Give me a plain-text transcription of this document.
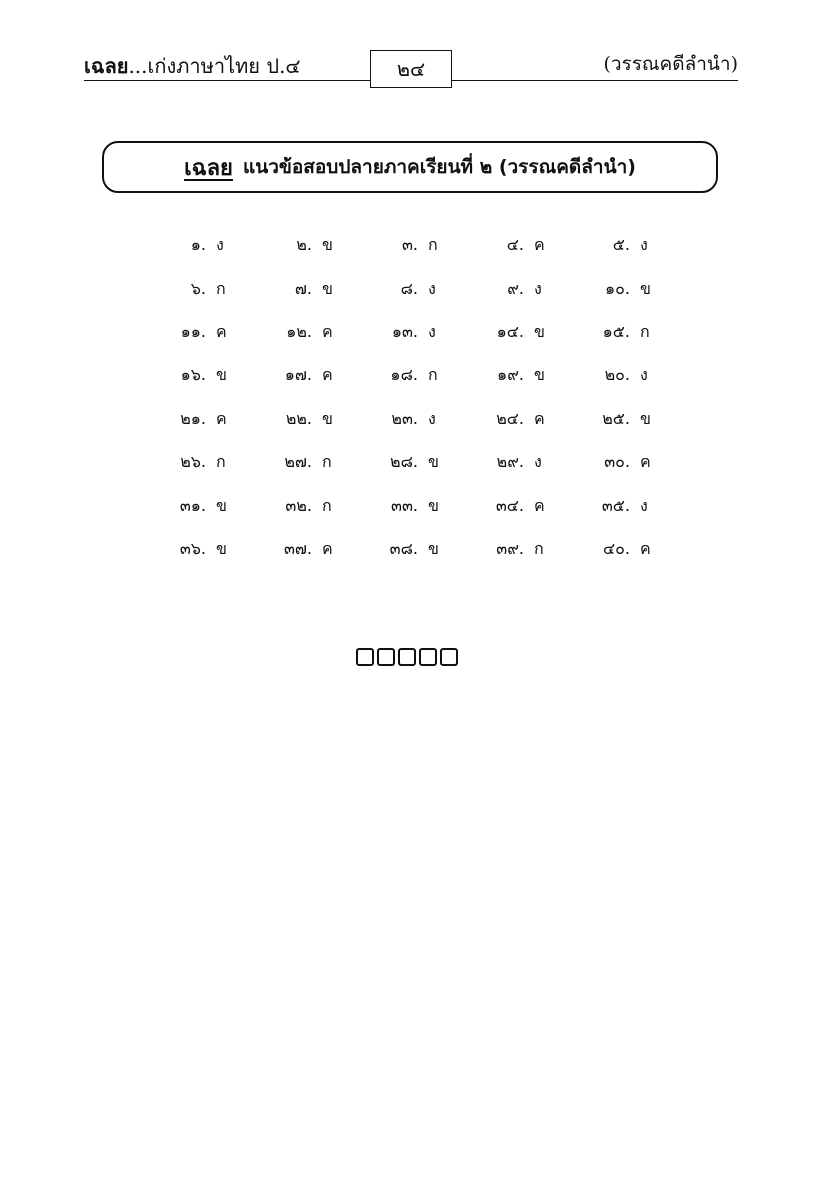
เฉลย...เก่งภาษาไทย ป.๔	๒๔	(วรรณคดีลำนำ)
เฉลย แนวข้อสอบปลายภาคเรียนที่ ๒ (วรรณคดีลำนำ)
๑. ง	๒. ข	๓. ก	๔. ค	๕. ง
๖. ก	๗. ข	๘. ง	๙. ง	๑๐. ข
๑๑. ค	๑๒. ค	๑๓. ง	๑๔. ข	๑๕. ก
๑๖. ข	๑๗. ค	๑๘. ก	๑๙. ข	๒๐. ง
๒๑. ค	๒๒. ข	๒๓. ง	๒๔. ค	๒๕. ข
๒๖. ก	๒๗. ก	๒๘. ข	๒๙. ง	๓๐. ค
๓๑. ข	๓๒. ก	๓๓. ข	๓๔. ค	๓๕. ง
๓๖. ข	๓๗. ค	๓๘. ข	๓๙. ก	๔๐. ค
